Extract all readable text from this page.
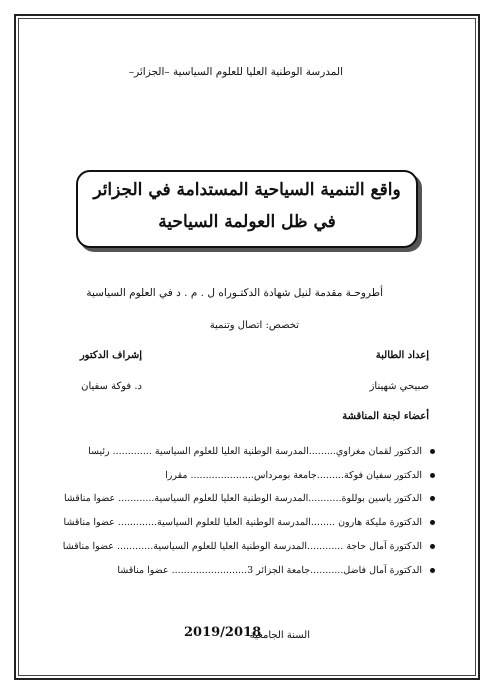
المدرسة الوطنية العليا للعلوم السياسية –الجزائر–
واقع التنمية السياحية المستدامة في الجزائر
في ظل العولمة السياحية
أطروحـة مقدمة لنيل شهادة الدكتـوراه ل . م . د في العلوم السياسية
تخصص: اتصال وتنمية
إعداد الطالبة
إشراف الدكتور
صبيحي شهيناز
د. فوكة سفيان
أعضاء لجنة المناقشة
الدكتور لقمان مغراوي.........المدرسة الوطنية العليا للعلوم السياسية ............. رئيسا
الدكتور سفيان فوكة.........جامعة بومرداس..................... مقررا
الدكتور ياسين بوللوة...........المدرسة الوطنية العليا للعلوم السياسية............ عضوا مناقشا
الدكتورة مليكة هارون ........المدرسة الوطنية العليا للعلوم السياسية............. عضوا مناقشا
الدكتورة آمال حاجة ............المدرسة الوطنية العليا للعلوم السياسية............ عضوا مناقشا
الدكتورة آمال فاضل...........جامعة الجزائر 3......................... عضوا مناقشا
السنة الجامعية
2019/2018
